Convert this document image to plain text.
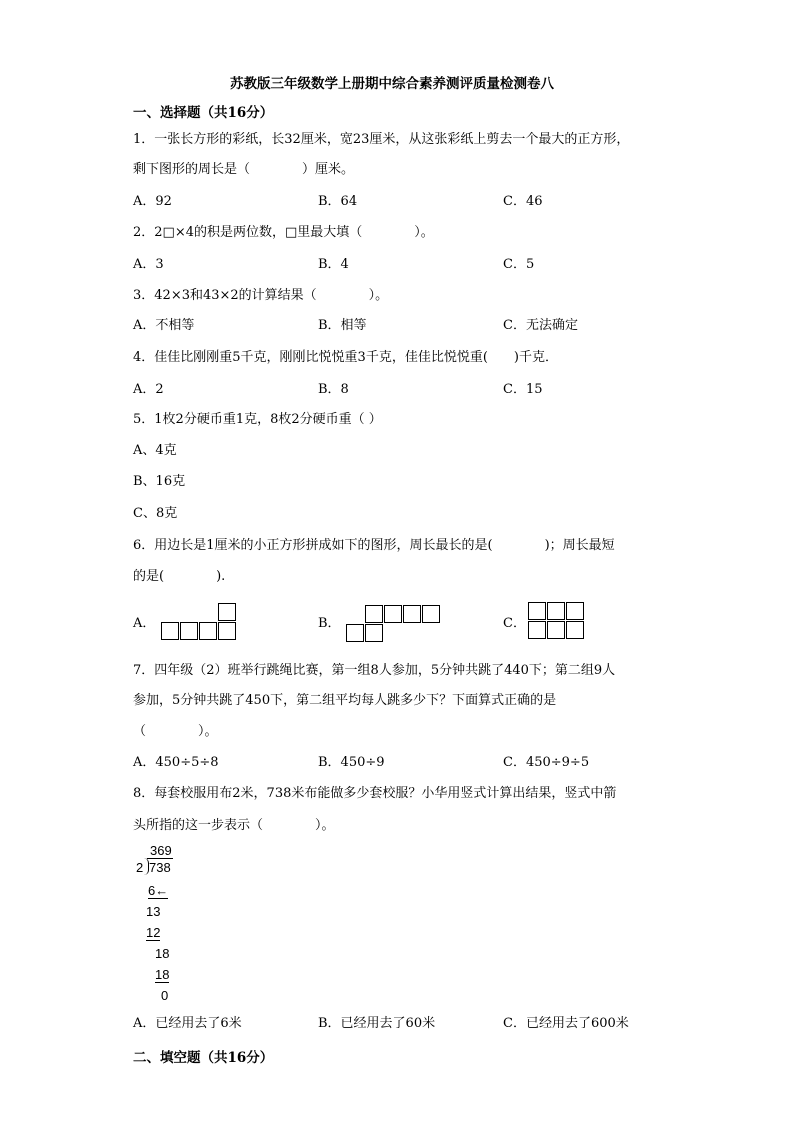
苏教版三年级数学上册期中综合素养测评质量检测卷八
一、选择题（共16分）
1．一张长方形的彩纸，长32厘米，宽23厘米，从这张彩纸上剪去一个最大的正方形，
剩下图形的周长是（　　　　）厘米。
A．92	B．64	C．46
2．2□×4的积是两位数，□里最大填（　　　　）。
A．3	B．4	C．5
3．42×3和43×2的计算结果（　　　　）。
A．不相等	B．相等	C．无法确定
4．佳佳比刚刚重5千克，刚刚比悦悦重3千克，佳佳比悦悦重(　　)千克．
A．2	B．8	C．15
5．1枚2分硬币重1克，8枚2分硬币重（ ）
A、4克
B、16克
C、8克
6．用边长是1厘米的小正方形拼成如下的图形，周长最长的是(　　　　)；周长最短
的是(　　　　).
A．	B．	C．
7．四年级（2）班举行跳绳比赛，第一组8人参加，5分钟共跳了440下；第二组9人
参加，5分钟共跳了450下，第二组平均每人跳多少下？下面算式正确的是
（　　　　）。
A．450÷5÷8	B．450÷9	C．450÷9÷5
8．每套校服用布2米，738米布能做多少套校服？小华用竖式计算出结果，竖式中箭
头所指的这一步表示（　　　　）。
369
2 738
6←
13
12
18
18
0
A．已经用去了6米	B．已经用去了60米	C．已经用去了600米
二、填空题（共16分）
